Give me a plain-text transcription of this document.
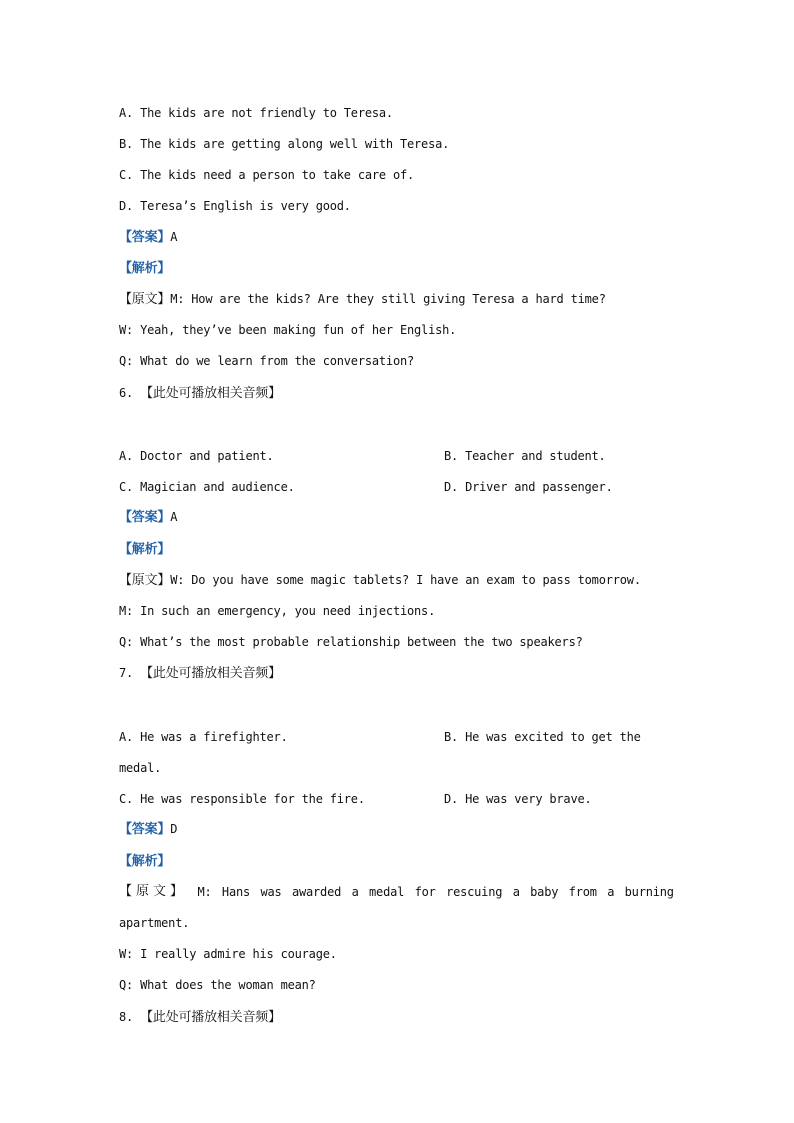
A. The kids are not friendly to Teresa.
B. The kids are getting along well with Teresa.
C. The kids need a person to take care of.
D. Teresa’s English is very good.
【答案】A
【解析】
【原文】M: How are the kids? Are they still giving Teresa a hard time?
W: Yeah, they’ve been making fun of her English.
Q: What do we learn from the conversation?
6. 【此处可播放相关音频】
A. Doctor and patient.	B. Teacher and student.
C. Magician and audience.	D. Driver and passenger.
【答案】A
【解析】
【原文】W: Do you have some magic tablets? I have an exam to pass tomorrow.
M: In such an emergency, you need injections.
Q: What’s the most probable relationship between the two speakers?
7. 【此处可播放相关音频】
A. He was a firefighter.	B. He was excited to get the
medal.
C. He was responsible for the fire.	D. He was very brave.
【答案】D
【解析】
【原文】 M: Hans was awarded a medal for rescuing a baby from a burning
apartment.
W: I really admire his courage.
Q: What does the woman mean?
8. 【此处可播放相关音频】
